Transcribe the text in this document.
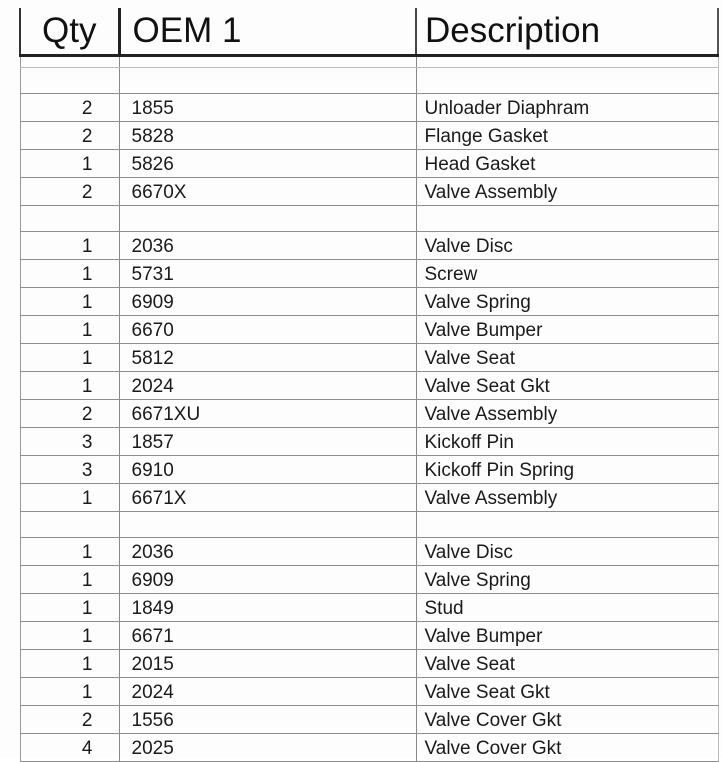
Qty	OEM 1	Description

2	1855	Unloader Diaphram
2	5828	Flange Gasket
1	5826	Head Gasket
2	6670X	Valve Assembly

1	2036	Valve Disc
1	5731	Screw
1	6909	Valve Spring
1	6670	Valve Bumper
1	5812	Valve Seat
1	2024	Valve Seat Gkt
2	6671XU	Valve Assembly
3	1857	Kickoff Pin
3	6910	Kickoff Pin Spring
1	6671X	Valve Assembly

1	2036	Valve Disc
1	6909	Valve Spring
1	1849	Stud
1	6671	Valve Bumper
1	2015	Valve Seat
1	2024	Valve Seat Gkt
2	1556	Valve Cover Gkt
4	2025	Valve Cover Gkt
